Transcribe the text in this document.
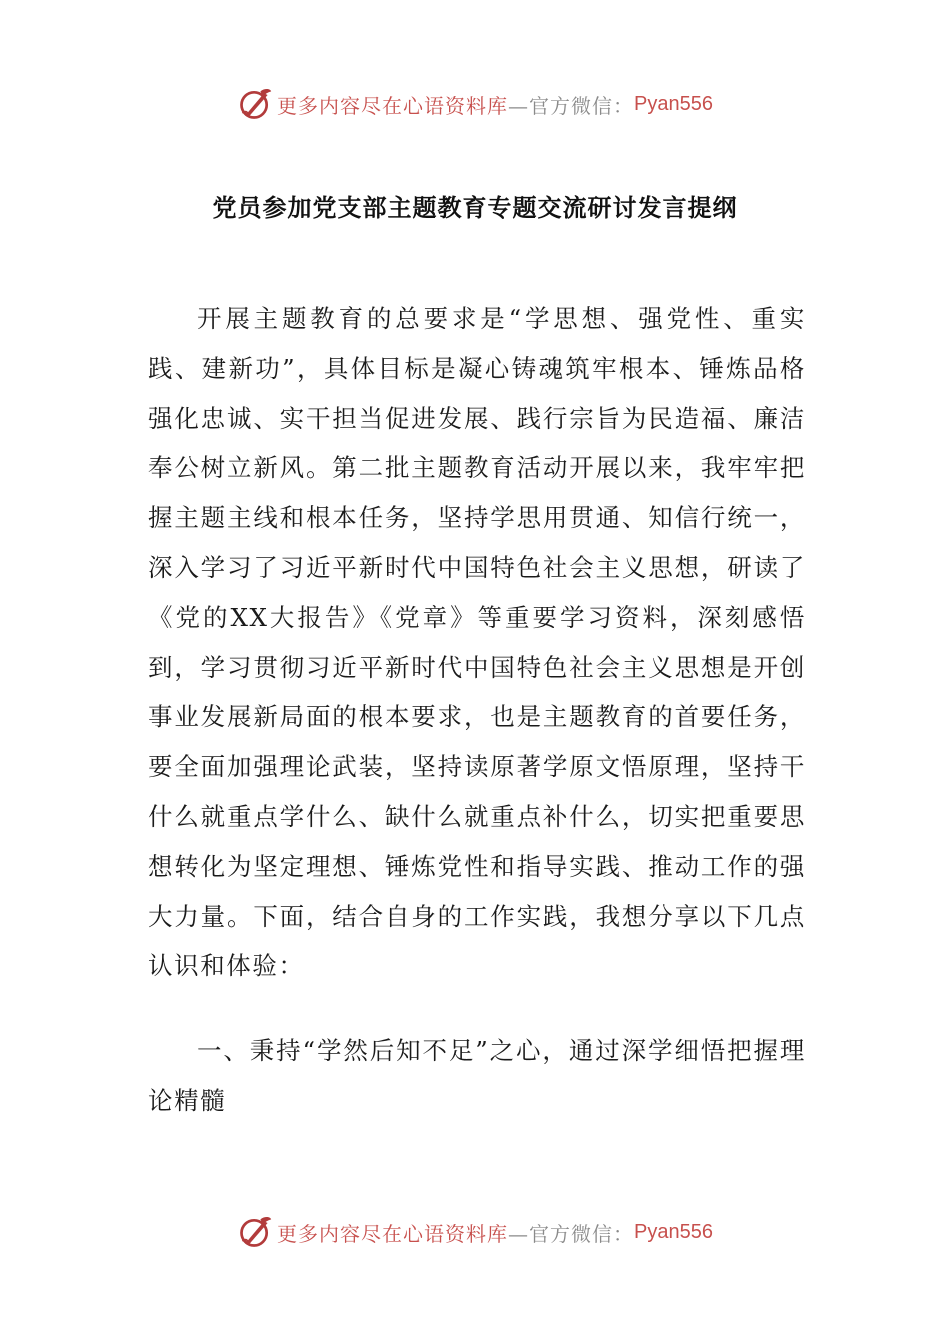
更多内容尽在心语资料库 —官方微信： Pyan556
党员参加党支部主题教育专题交流研讨发言提纲

开展主题教育的总要求是“学思想、强党性、重实践、建新功”，具体目标是凝心铸魂筑牢根本、锤炼品格强化忠诚、实干担当促进发展、践行宗旨为民造福、廉洁奉公树立新风。第二批主题教育活动开展以来，我牢牢把握主题主线和根本任务，坚持学思用贯通、知信行统一，深入学习了习近平新时代中国特色社会主义思想，研读了《党的XX大报告》《党章》等重要学习资料，深刻感悟到，学习贯彻习近平新时代中国特色社会主义思想是开创事业发展新局面的根本要求，也是主题教育的首要任务，要全面加强理论武装，坚持读原著学原文悟原理，坚持干什么就重点学什么、缺什么就重点补什么，切实把重要思想转化为坚定理想、锤炼党性和指导实践、推动工作的强大力量。下面，结合自身的工作实践，我想分享以下几点认识和体验：

一、秉持“学然后知不足”之心，通过深学细悟把握理论精髓

更多内容尽在心语资料库 —官方微信： Pyan556
